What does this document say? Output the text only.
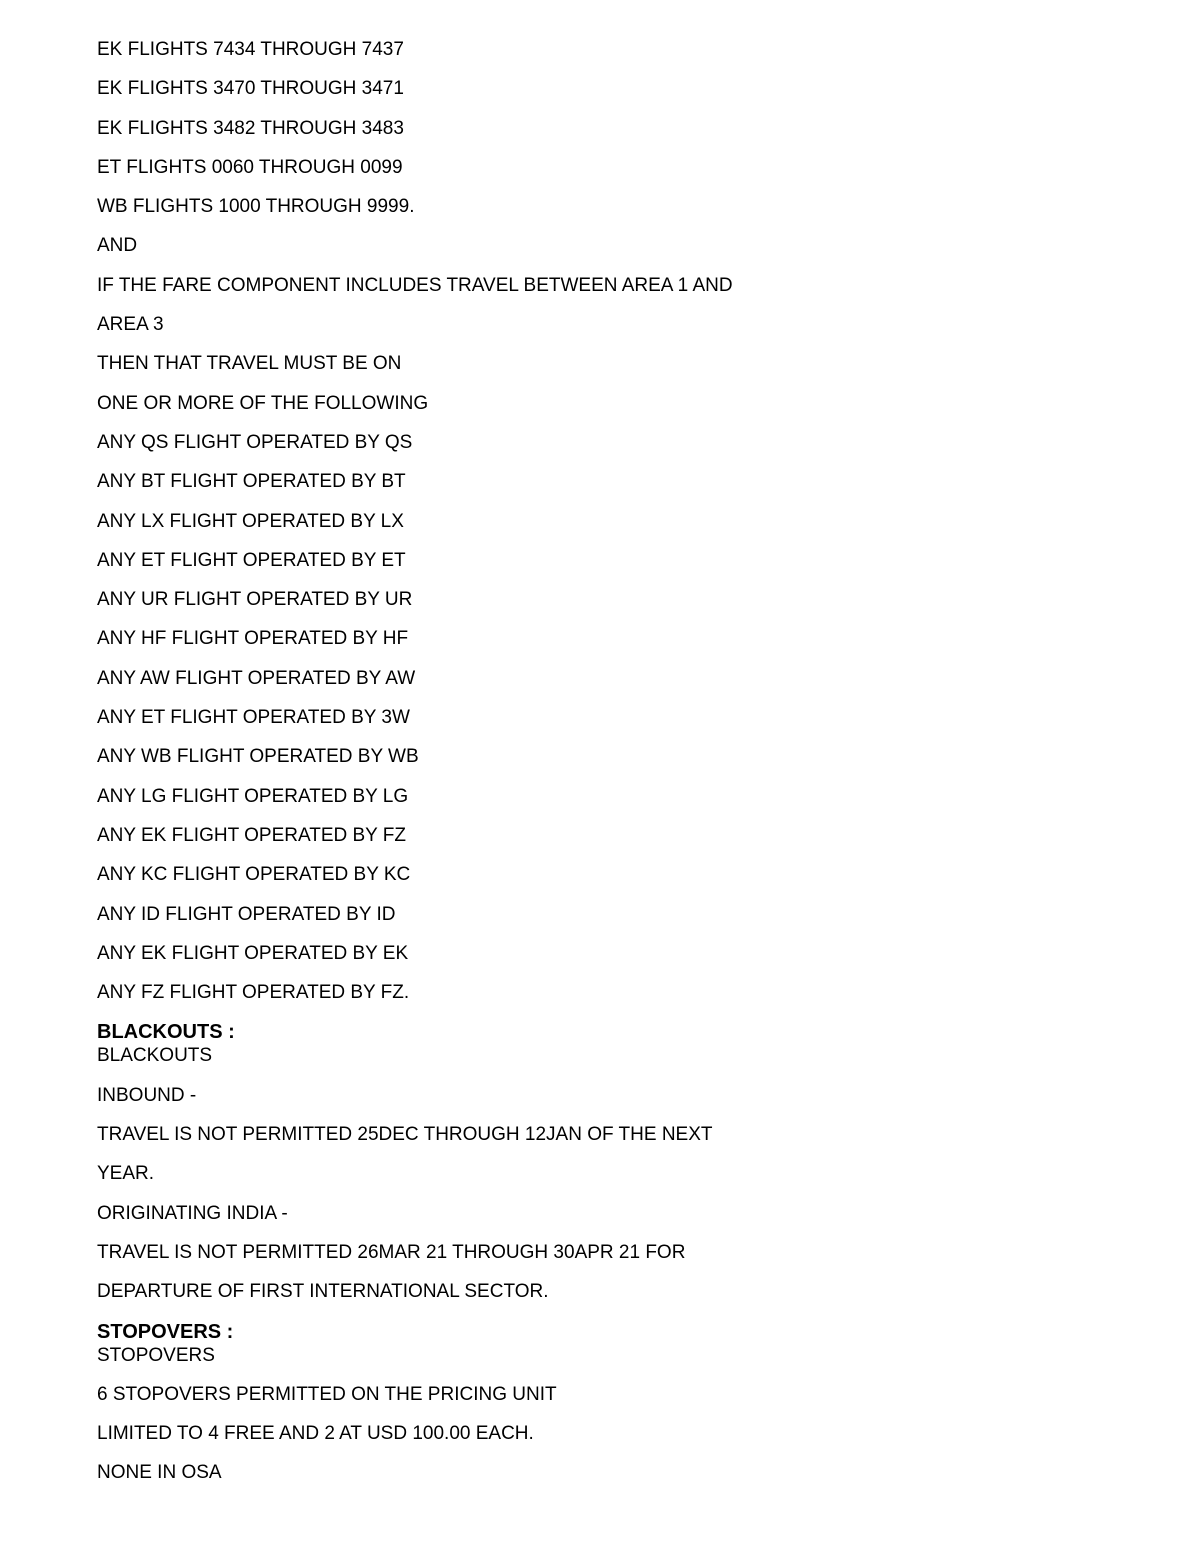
EK FLIGHTS 7434 THROUGH 7437
EK FLIGHTS 3470 THROUGH 3471
EK FLIGHTS 3482 THROUGH 3483
ET FLIGHTS 0060 THROUGH 0099
WB FLIGHTS 1000 THROUGH 9999.
AND
IF THE FARE COMPONENT INCLUDES TRAVEL BETWEEN AREA 1 AND
AREA 3
THEN THAT TRAVEL MUST BE ON
ONE OR MORE OF THE FOLLOWING
ANY QS FLIGHT OPERATED BY QS
ANY BT FLIGHT OPERATED BY BT
ANY LX FLIGHT OPERATED BY LX
ANY ET FLIGHT OPERATED BY ET
ANY UR FLIGHT OPERATED BY UR
ANY HF FLIGHT OPERATED BY HF
ANY AW FLIGHT OPERATED BY AW
ANY ET FLIGHT OPERATED BY 3W
ANY WB FLIGHT OPERATED BY WB
ANY LG FLIGHT OPERATED BY LG
ANY EK FLIGHT OPERATED BY FZ
ANY KC FLIGHT OPERATED BY KC
ANY ID FLIGHT OPERATED BY ID
ANY EK FLIGHT OPERATED BY EK
ANY FZ FLIGHT OPERATED BY FZ.
BLACKOUTS :
BLACKOUTS
INBOUND -
TRAVEL IS NOT PERMITTED 25DEC THROUGH 12JAN OF THE NEXT
YEAR.
ORIGINATING INDIA -
TRAVEL IS NOT PERMITTED 26MAR 21 THROUGH 30APR 21 FOR
DEPARTURE OF FIRST INTERNATIONAL SECTOR.
STOPOVERS :
STOPOVERS
6 STOPOVERS PERMITTED ON THE PRICING UNIT
LIMITED TO 4 FREE AND 2 AT USD 100.00 EACH.
NONE IN OSA
